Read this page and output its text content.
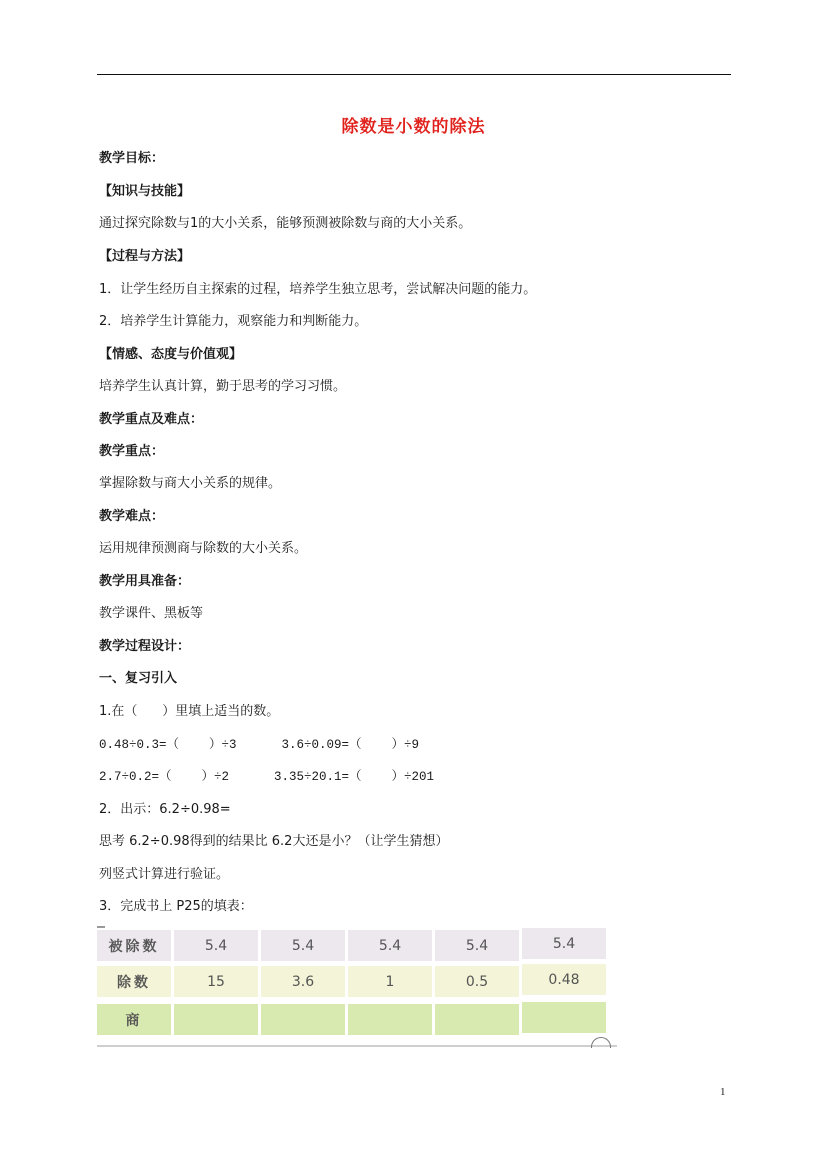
除数是小数的除法
教学目标：
【知识与技能】
通过探究除数与1的大小关系，能够预测被除数与商的大小关系。
【过程与方法】
1．让学生经历自主探索的过程，培养学生独立思考，尝试解决问题的能力。
2．培养学生计算能力，观察能力和判断能力。
【情感、态度与价值观】
培养学生认真计算，勤于思考的学习习惯。
教学重点及难点：
教学重点：
掌握除数与商大小关系的规律。
教学难点：
运用规律预测商与除数的大小关系。
教学用具准备：
教学课件、黑板等
教学过程设计：
一、复习引入
1.在（      ）里填上适当的数。
0.48÷0.3=（    ）÷3      3.6÷0.09=（    ）÷9
2.7÷0.2=（    ）÷2      3.35÷20.1=（    ）÷201
2．出示：6.2÷0.98=
思考 6.2÷0.98得到的结果比 6.2大还是小？（让学生猜想）
列竖式计算进行验证。
3．完成书上 P25的填表：
被除数	5.4	5.4	5.4	5.4	5.4
除数	15	3.6	1	0.5	0.48
商
1
